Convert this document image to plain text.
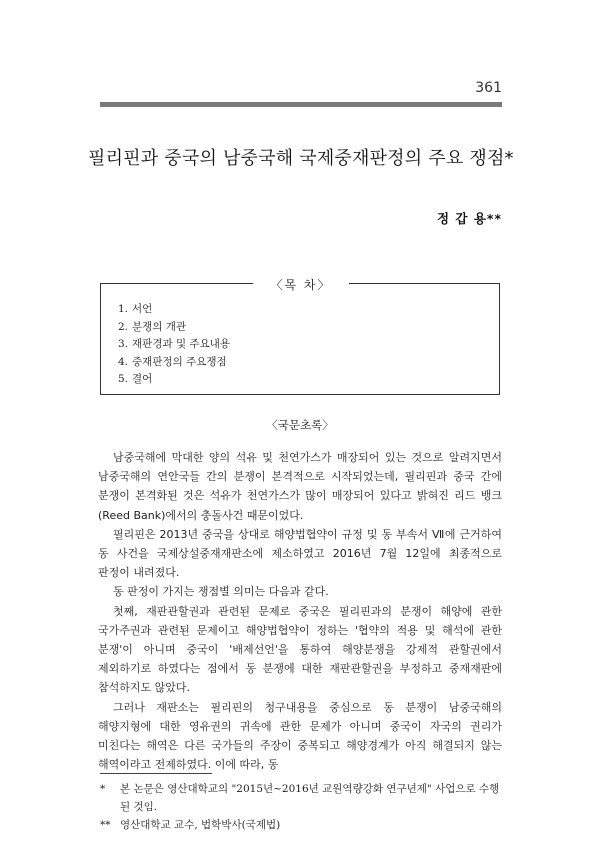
361
필리핀과 중국의 남중국해 국제중재판정의 주요 쟁점*
정 갑 용**
〈목 차〉
1. 서언
2. 분쟁의 개관
3. 재판경과 및 주요내용
4. 중재판정의 주요쟁점
5. 결어
〈국문초록〉

남중국해에 막대한 양의 석유 및 천연가스가 매장되어 있는 것으로 알려지면서 남중국해의 연안국들 간의 분쟁이 본격적으로 시작되었는데, 필리핀과 중국 간에 분쟁이 본격화된 것은 석유가 천연가스가 많이 매장되어 있다고 밝혀진 리드 뱅크(Reed Bank)에서의 충돌사건 때문이었다.

필리핀은 2013년 중국을 상대로 해양법협약이 규정 및 동 부속서 Ⅶ에 근거하여 동 사건을 국제상설중재재판소에 제소하였고 2016년 7월 12일에 최종적으로 판정이 내려졌다.

동 판정이 가지는 쟁점별 의미는 다음과 같다.

첫째, 재판관할권과 관련된 문제로 중국은 필리핀과의 분쟁이 해양에 관한 국가주권과 관련된 문제이고 해양법협약이 정하는 '협약의 적용 및 해석에 관한 분쟁'이 아니며 중국이 '배제선언'을 통하여 해양분쟁을 강제적 관할권에서 제외하기로 하였다는 점에서 동 분쟁에 대한 재판관할권을 부정하고 중재재판에 참석하지도 않았다.

그러나 재판소는 필리핀의 청구내용을 중심으로 동 분쟁이 남중국해의 해양지형에 대한 영유권의 귀속에 관한 문제가 아니며 중국이 자국의 권리가 미친다는 해역은 다른 국가들의 주장이 중복되고 해양경계가 아직 해결되지 않는 해역이라고 전제하였다. 이에 따라, 동

*	본 논문은 영산대학교의 "2015년~2016년 교원역량강화 연구년제" 사업으로 수행된 것임.
** 영산대학교 교수, 법학박사(국제법)
